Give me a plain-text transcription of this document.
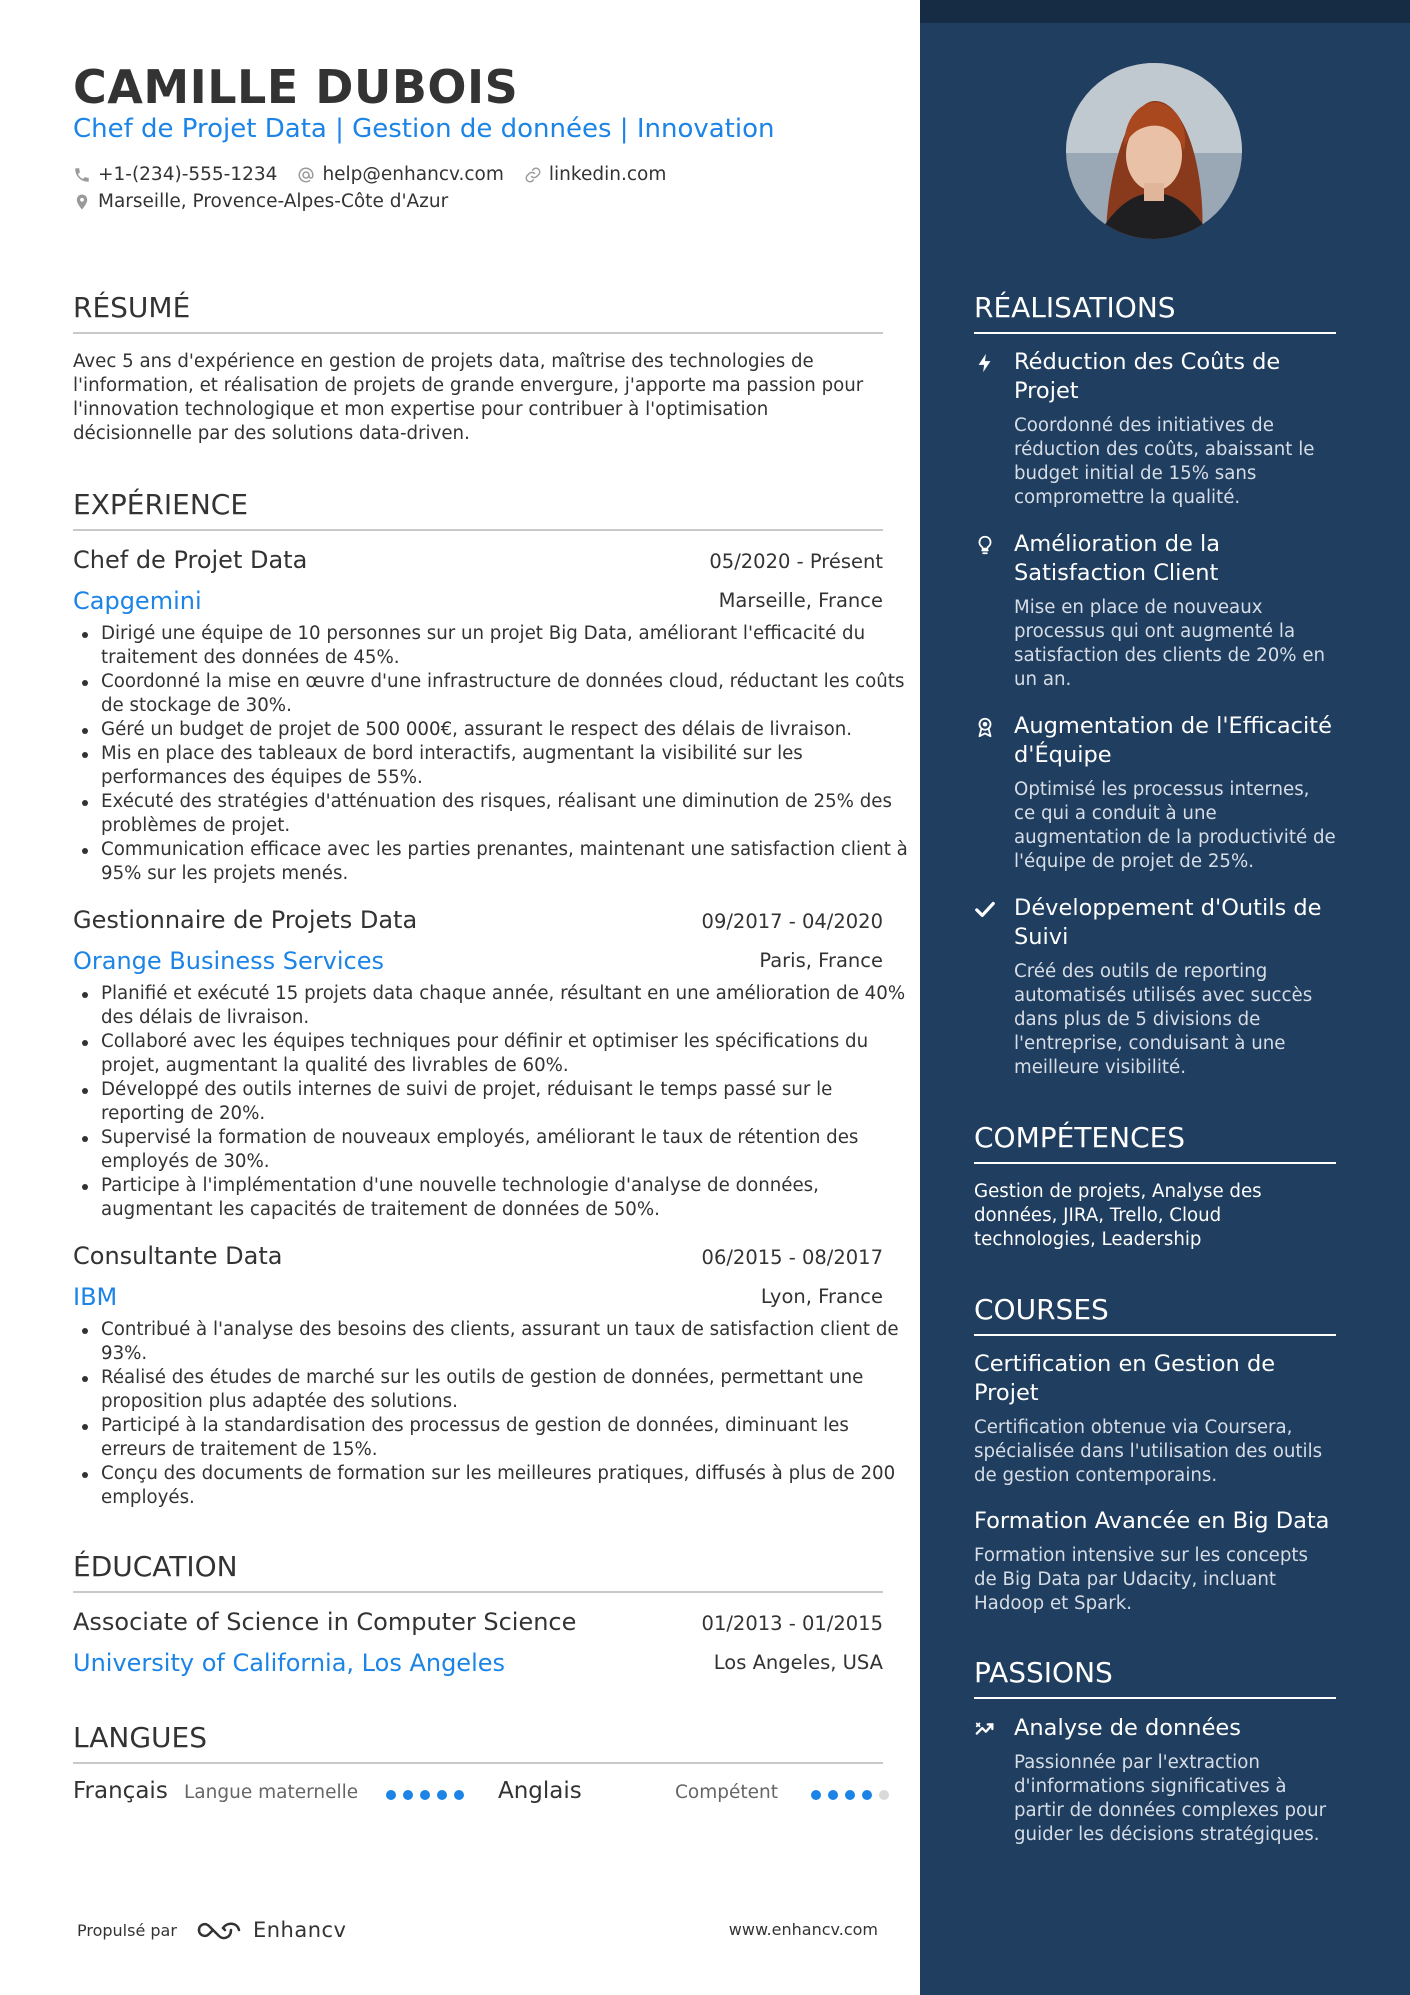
CAMILLE DUBOIS
Chef de Projet Data | Gestion de données | Innovation
+1-(234)-555-1234 help@enhancv.com linkedin.com
Marseille, Provence-Alpes-Côte d'Azur
RÉSUMÉ

Avec 5 ans d'expérience en gestion de projets data, maîtrise des technologies de l'information, et réalisation de projets de grande envergure, j'apporte ma passion pour l'innovation technologique et mon expertise pour contribuer à l'optimisation décisionnelle par des solutions data-driven.

EXPÉRIENCE
Chef de Projet Data	05/2020 - Présent
Capgemini	Marseille, France
Dirigé une équipe de 10 personnes sur un projet Big Data, améliorant l'efficacité du traitement des données de 45%.
Coordonné la mise en œuvre d'une infrastructure de données cloud, réductant les coûts de stockage de 30%.
Géré un budget de projet de 500 000€, assurant le respect des délais de livraison.
Mis en place des tableaux de bord interactifs, augmentant la visibilité sur les performances des équipes de 55%.
Exécuté des stratégies d'atténuation des risques, réalisant une diminution de 25% des problèmes de projet.
Communication efficace avec les parties prenantes, maintenant une satisfaction client à 95% sur les projets menés.
Gestionnaire de Projets Data	09/2017 - 04/2020
Orange Business Services	Paris, France
Planifié et exécuté 15 projets data chaque année, résultant en une amélioration de 40% des délais de livraison.
Collaboré avec les équipes techniques pour définir et optimiser les spécifications du projet, augmentant la qualité des livrables de 60%.
Développé des outils internes de suivi de projet, réduisant le temps passé sur le reporting de 20%.
Supervisé la formation de nouveaux employés, améliorant le taux de rétention des employés de 30%.
Participe à l'implémentation d'une nouvelle technologie d'analyse de données, augmentant les capacités de traitement de données de 50%.
Consultante Data	06/2015 - 08/2017
IBM	Lyon, France
Contribué à l'analyse des besoins des clients, assurant un taux de satisfaction client de 93%.
Réalisé des études de marché sur les outils de gestion de données, permettant une proposition plus adaptée des solutions.
Participé à la standardisation des processus de gestion de données, diminuant les erreurs de traitement de 15%.
Conçu des documents de formation sur les meilleures pratiques, diffusés à plus de 200 employés.
ÉDUCATION
Associate of Science in Computer Science	01/2013 - 01/2015
University of California, Los Angeles	Los Angeles, USA
LANGUES
Français Langue maternelle	Anglais	Compétent
Propulsé par	Enhancv	www.enhancv.com
RÉALISATIONS
Réduction des Coûts de Projet
Coordonné des initiatives de réduction des coûts, abaissant le budget initial de 15% sans compromettre la qualité.
Amélioration de la Satisfaction Client
Mise en place de nouveaux processus qui ont augmenté la satisfaction des clients de 20% en un an.
Augmentation de l'Efficacité d'Équipe
Optimisé les processus internes, ce qui a conduit à une augmentation de la productivité de l'équipe de projet de 25%.
Développement d'Outils de Suivi
Créé des outils de reporting automatisés utilisés avec succès dans plus de 5 divisions de l'entreprise, conduisant à une meilleure visibilité.
COMPÉTENCES
Gestion de projets, Analyse des données, JIRA, Trello, Cloud technologies, Leadership
COURSES
Certification en Gestion de Projet
Certification obtenue via Coursera, spécialisée dans l'utilisation des outils de gestion contemporains.
Formation Avancée en Big Data
Formation intensive sur les concepts de Big Data par Udacity, incluant Hadoop et Spark.
PASSIONS
Analyse de données
Passionnée par l'extraction d'informations significatives à partir de données complexes pour guider les décisions stratégiques.
